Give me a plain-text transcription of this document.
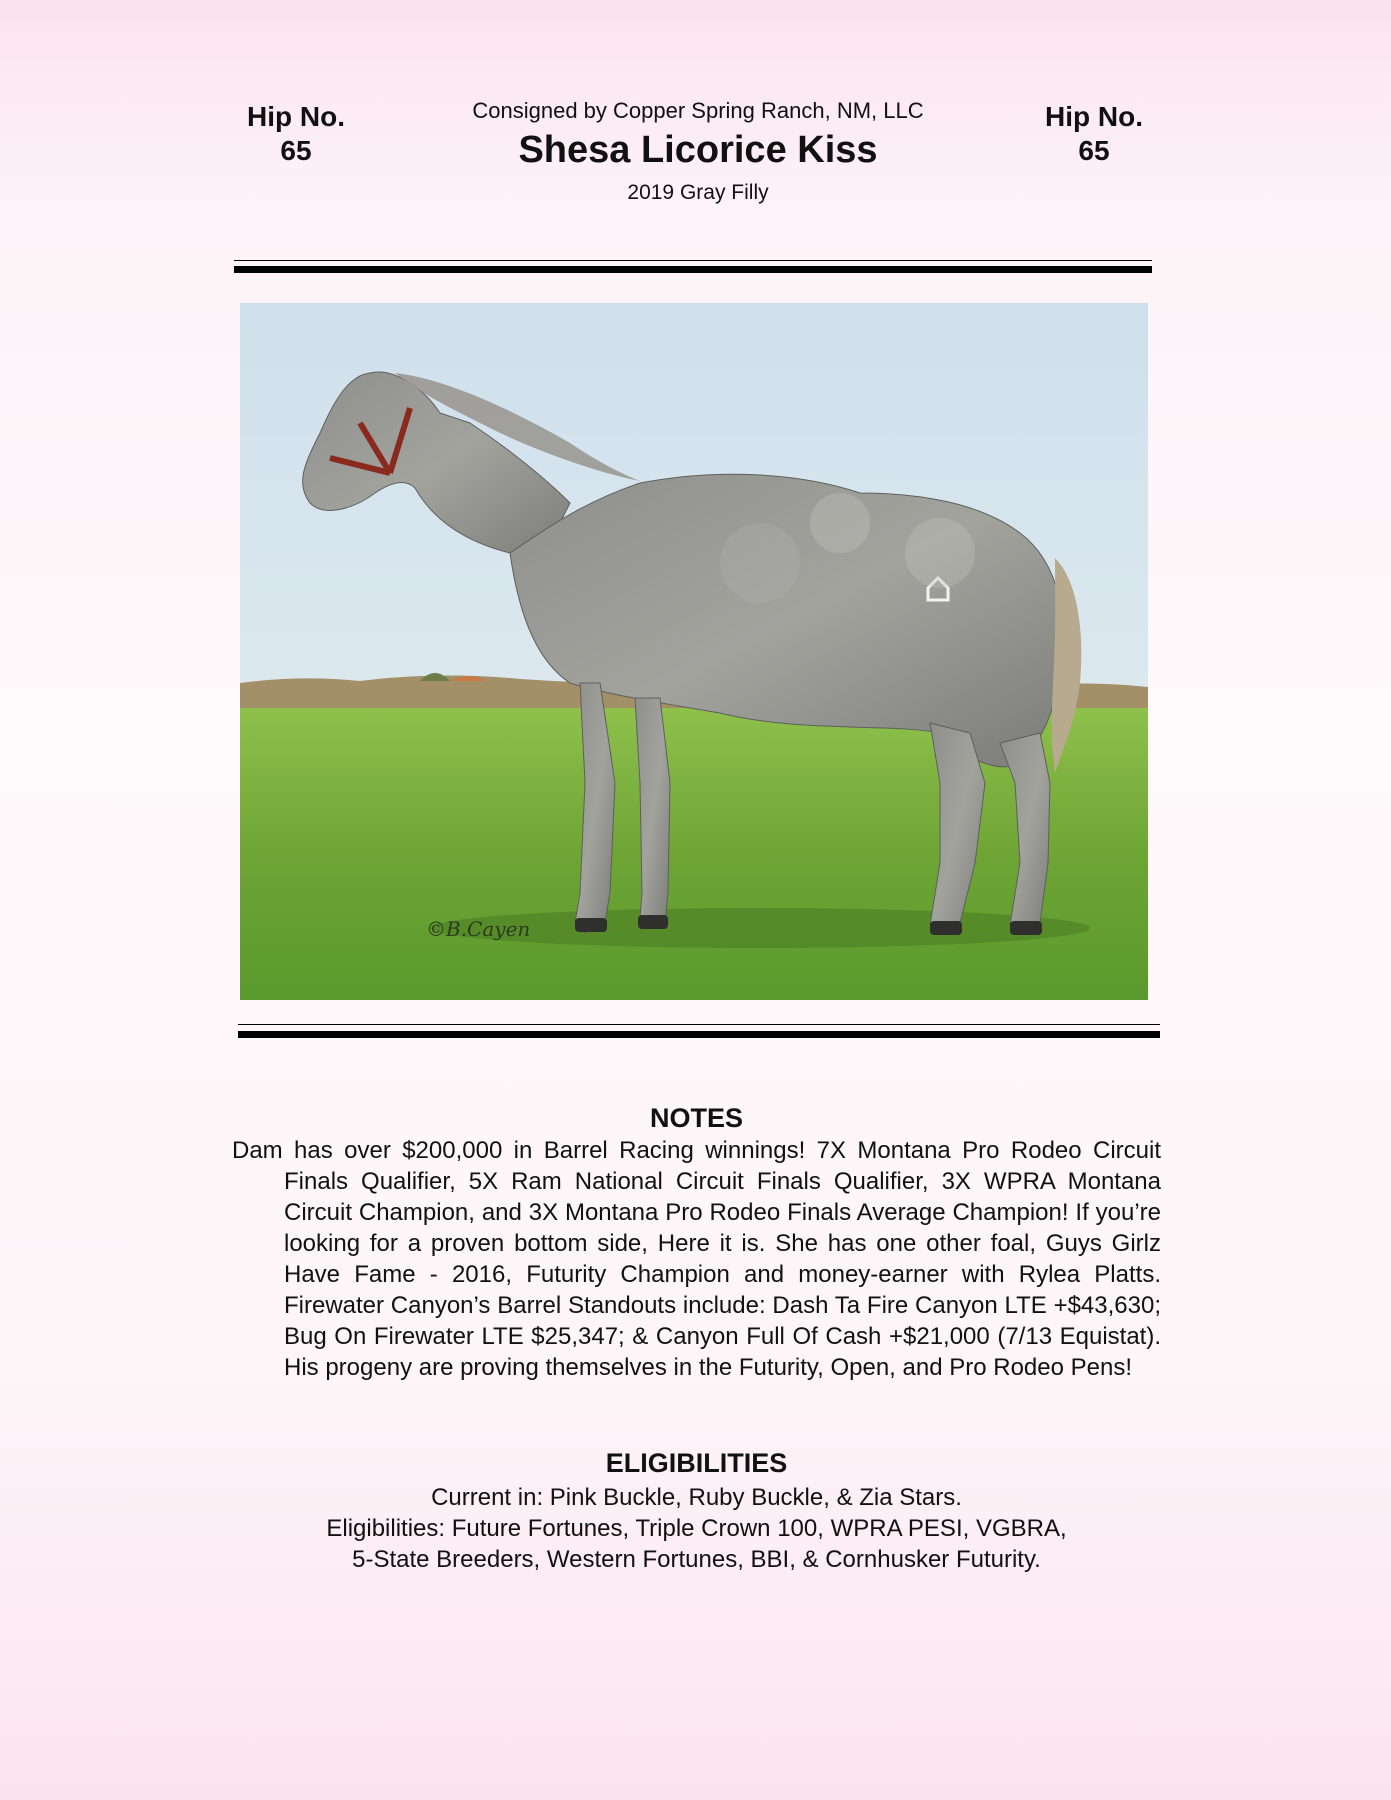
Hip No.
65
Hip No.
65
Consigned by Copper Spring Ranch, NM, LLC
Shesa Licorice Kiss
2019 Gray Filly
©B.Cayen
NOTES
Dam has over $200,000 in Barrel Racing winnings! 7X Montana Pro Rodeo Circuit Finals Qualifier, 5X Ram National Circuit Finals Qualifier, 3X WPRA Montana Circuit Champion, and 3X Montana Pro Rodeo Finals Average Champion! If you’re looking for a proven bottom side, Here it is. She has one other foal, Guys Girlz Have Fame - 2016, Futurity Champion and money-earner with Rylea Platts. Firewater Canyon’s Barrel Standouts include: Dash Ta Fire Canyon LTE +$43,630; Bug On Firewater LTE $25,347; & Canyon Full Of Cash +$21,000 (7/13 Equistat). His progeny are proving themselves in the Futurity, Open, and Pro Rodeo Pens!
ELIGIBILITIES
Current in: Pink Buckle, Ruby Buckle, & Zia Stars.
Eligibilities: Future Fortunes, Triple Crown 100, WPRA PESI, VGBRA,
5-State Breeders, Western Fortunes, BBI, & Cornhusker Futurity.
